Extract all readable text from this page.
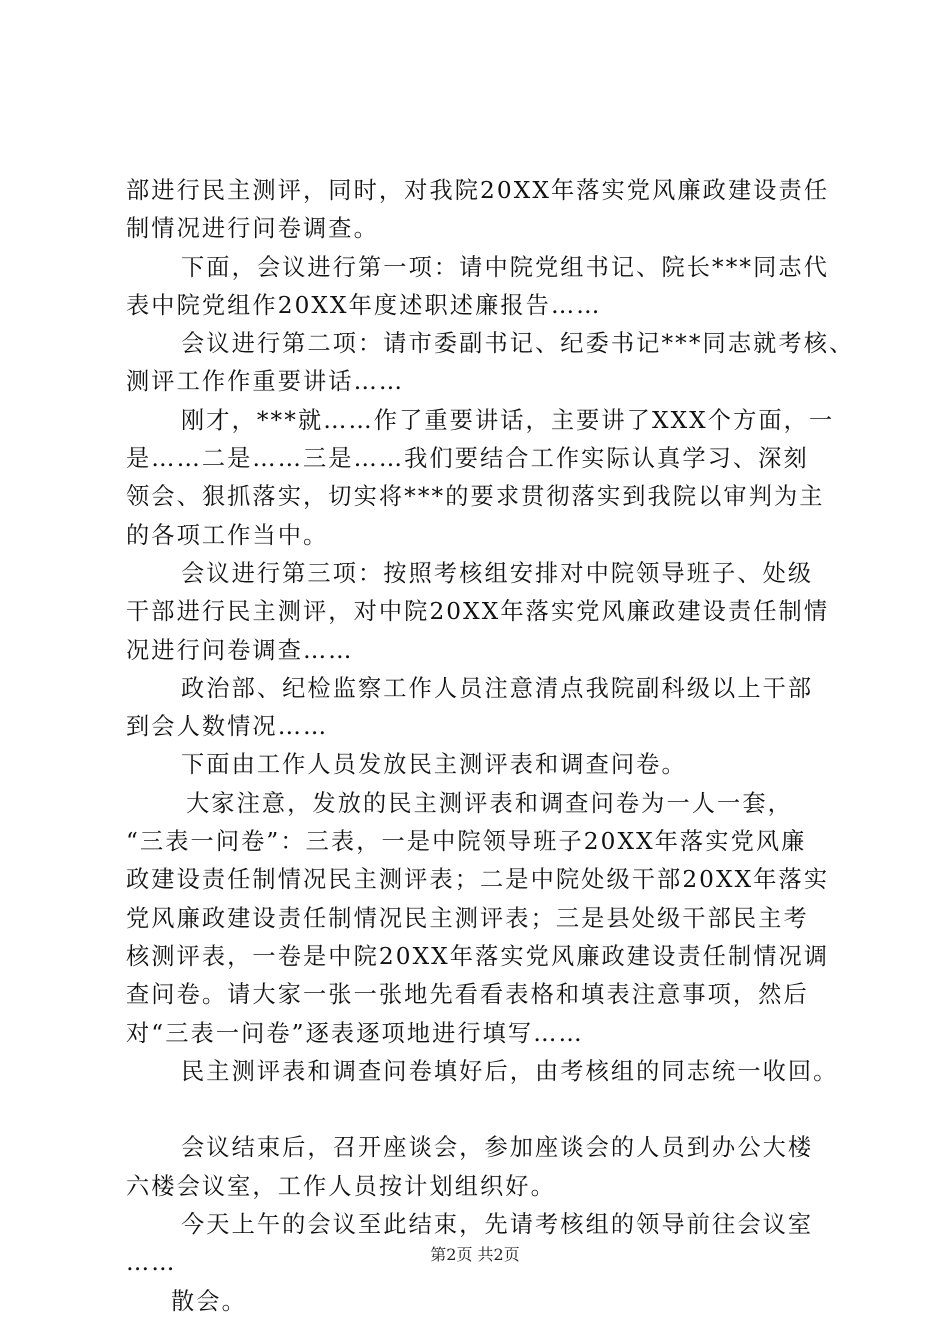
部进行民主测评，同时，对我院20XX年落实党风廉政建设责任
制情况进行问卷调查。
下面，会议进行第一项：请中院党组书记、院长***同志代
表中院党组作20XX年度述职述廉报告……
会议进行第二项：请市委副书记、纪委书记***同志就考核、
测评工作作重要讲话……
刚才，***就……作了重要讲话，主要讲了XXX个方面，一
是……二是……三是……我们要结合工作实际认真学习、深刻
领会、狠抓落实，切实将***的要求贯彻落实到我院以审判为主
的各项工作当中。
会议进行第三项：按照考核组安排对中院领导班子、处级
干部进行民主测评，对中院20XX年落实党风廉政建设责任制情
况进行问卷调查……
政治部、纪检监察工作人员注意清点我院副科级以上干部
到会人数情况……
下面由工作人员发放民主测评表和调查问卷。
大家注意，发放的民主测评表和调查问卷为一人一套，
“三表一问卷”：三表，一是中院领导班子20XX年落实党风廉
政建设责任制情况民主测评表；二是中院处级干部20XX年落实
党风廉政建设责任制情况民主测评表；三是县处级干部民主考
核测评表，一卷是中院20XX年落实党风廉政建设责任制情况调
查问卷。请大家一张一张地先看看表格和填表注意事项，然后
对“三表一问卷”逐表逐项地进行填写……
民主测评表和调查问卷填好后，由考核组的同志统一收回。
会议结束后，召开座谈会，参加座谈会的人员到办公大楼
六楼会议室，工作人员按计划组织好。
今天上午的会议至此结束，先请考核组的领导前往会议室
……
散会。
第2页 共2页
